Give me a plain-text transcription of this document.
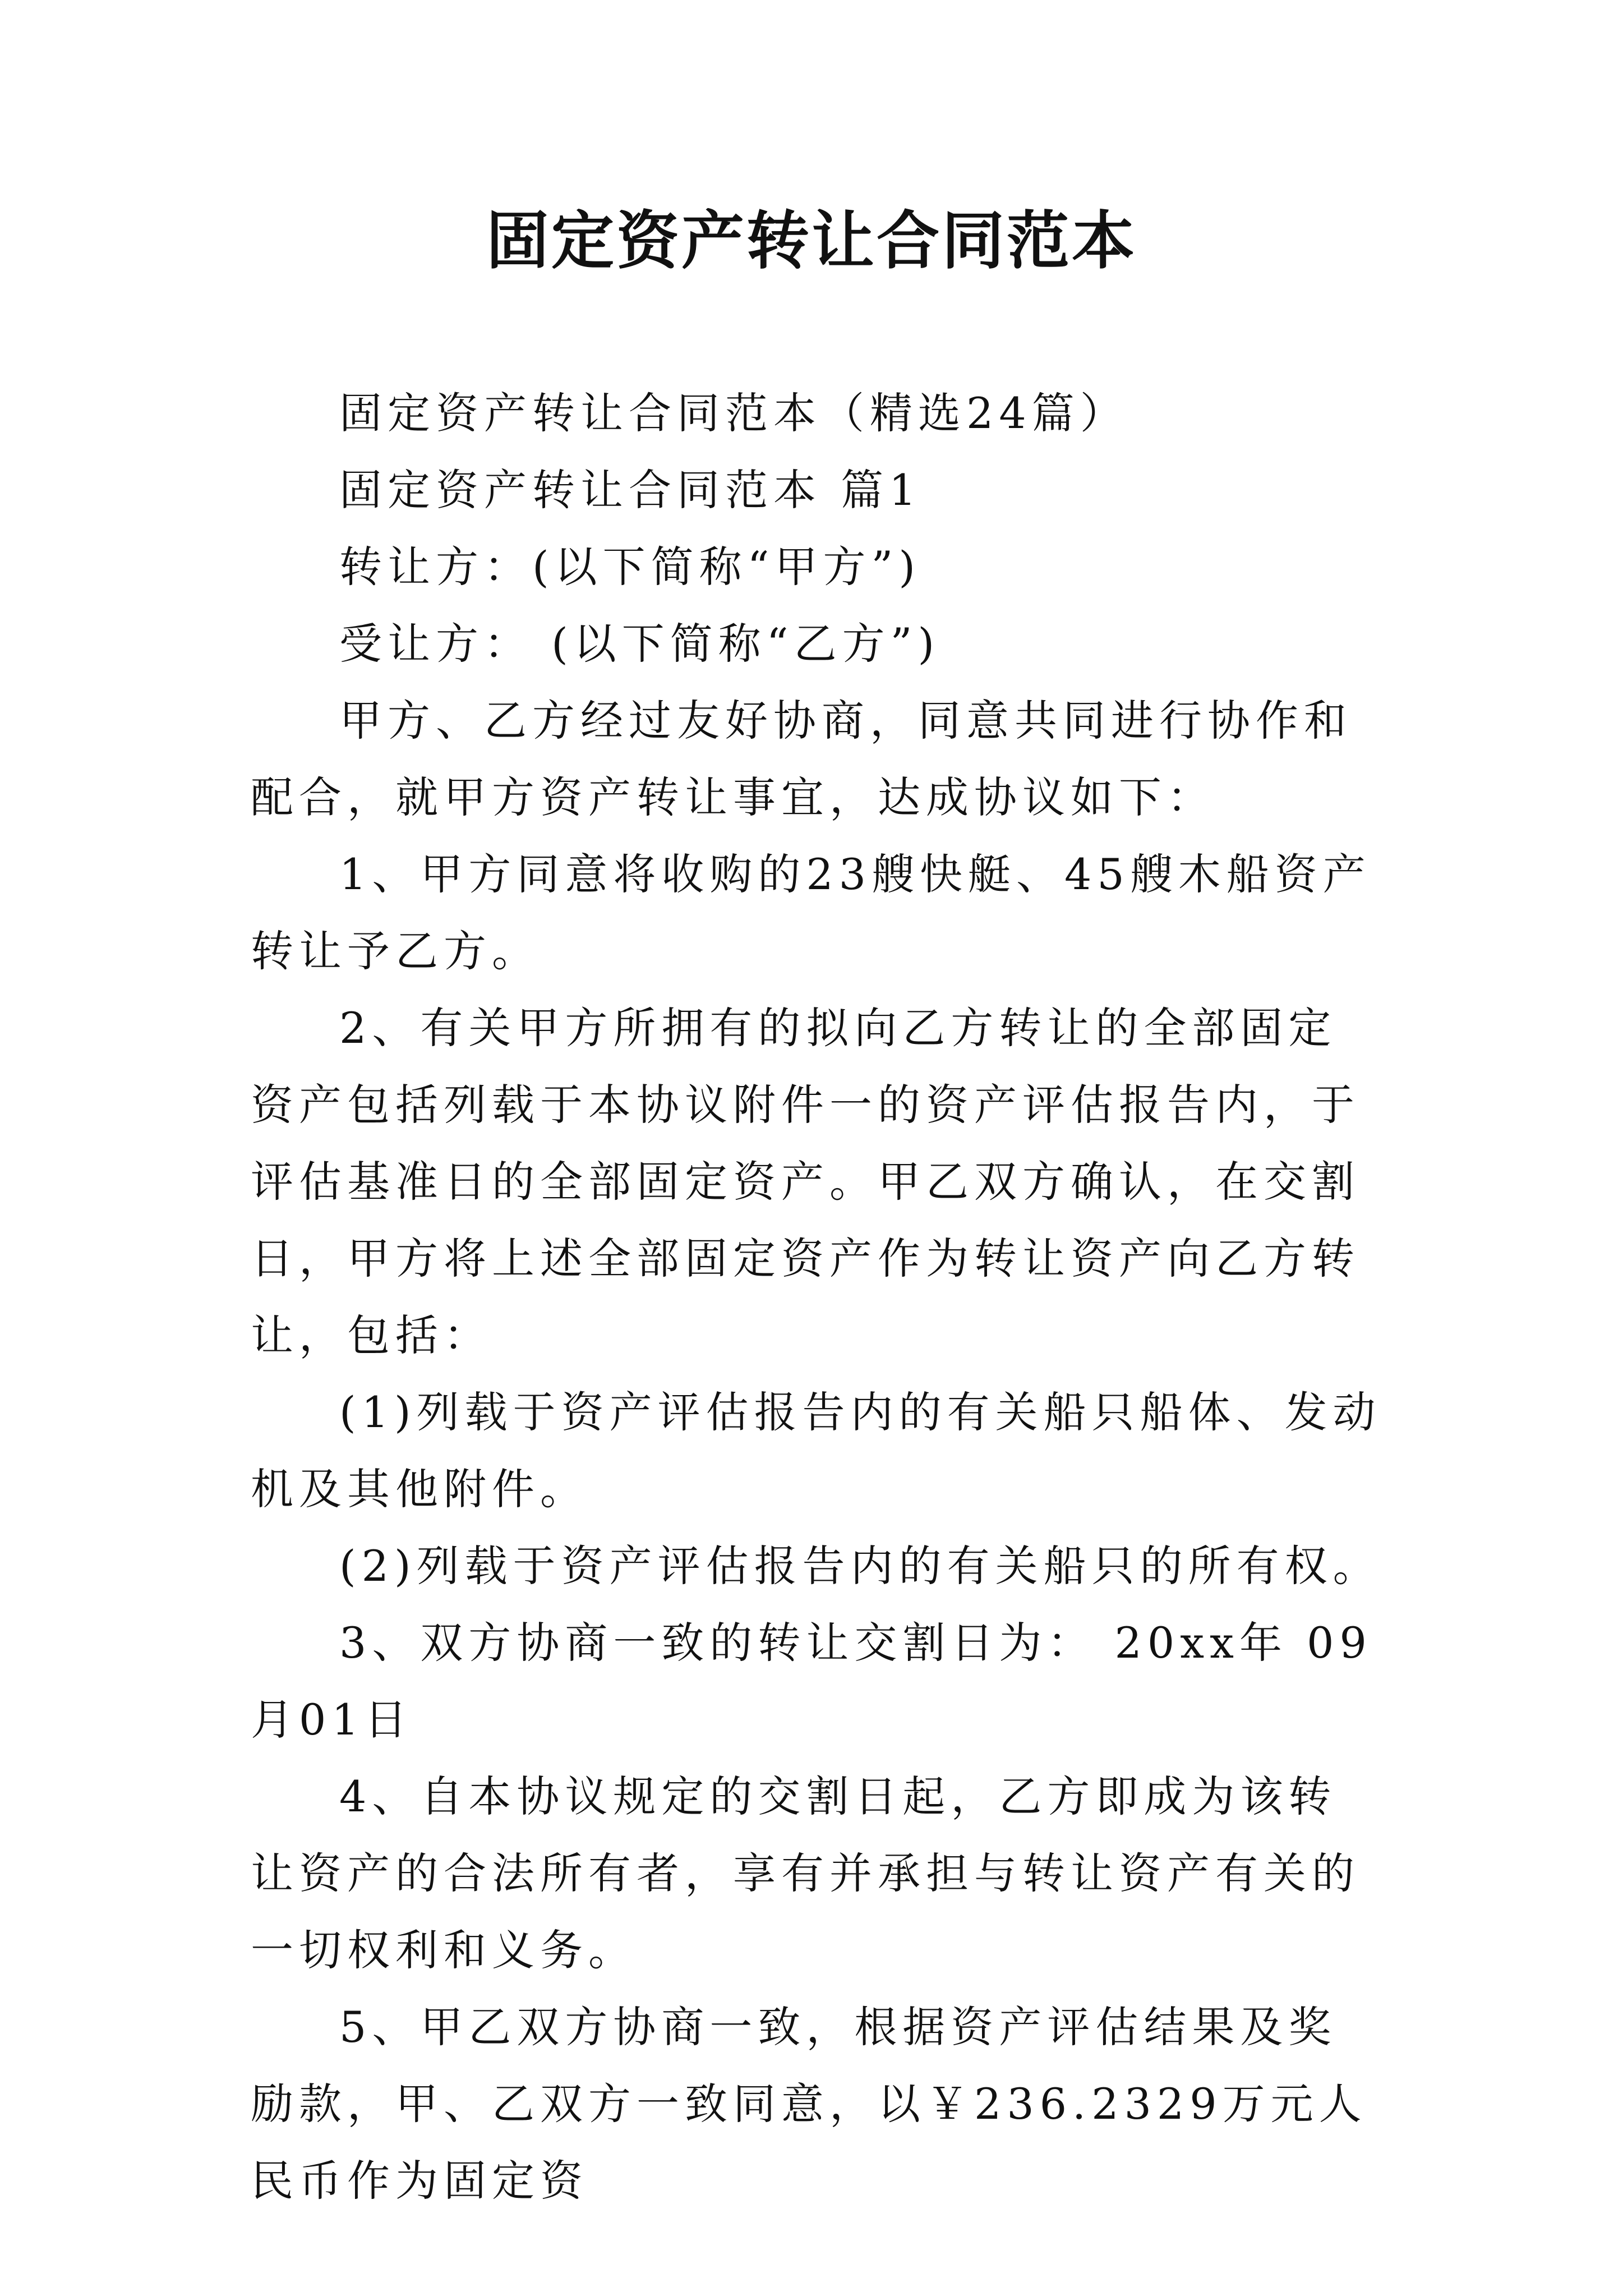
固定资产转让合同范本

固定资产转让合同范本（精选24篇）

固定资产转让合同范本 篇1

转让方：(以下简称“甲方”)

受让方： (以下简称“乙方”)

甲方、乙方经过友好协商，同意共同进行协作和配合，就甲方资产转让事宜，达成协议如下：

1、甲方同意将收购的23艘快艇、45艘木船资产转让予乙方。

2、有关甲方所拥有的拟向乙方转让的全部固定资产包括列载于本协议附件一的资产评估报告内，于评估基准日的全部固定资产。甲乙双方确认，在交割日，甲方将上述全部固定资产作为转让资产向乙方转让，包括：

(1)列载于资产评估报告内的有关船只船体、发动机及其他附件。

(2)列载于资产评估报告内的有关船只的所有权。

3、双方协商一致的转让交割日为： 20xx年 09月01日

4、自本协议规定的交割日起，乙方即成为该转让资产的合法所有者，享有并承担与转让资产有关的一切权利和义务。

5、甲乙双方协商一致，根据资产评估结果及奖励款，甲、乙双方一致同意，以￥236.2329万元人民币作为固定资
